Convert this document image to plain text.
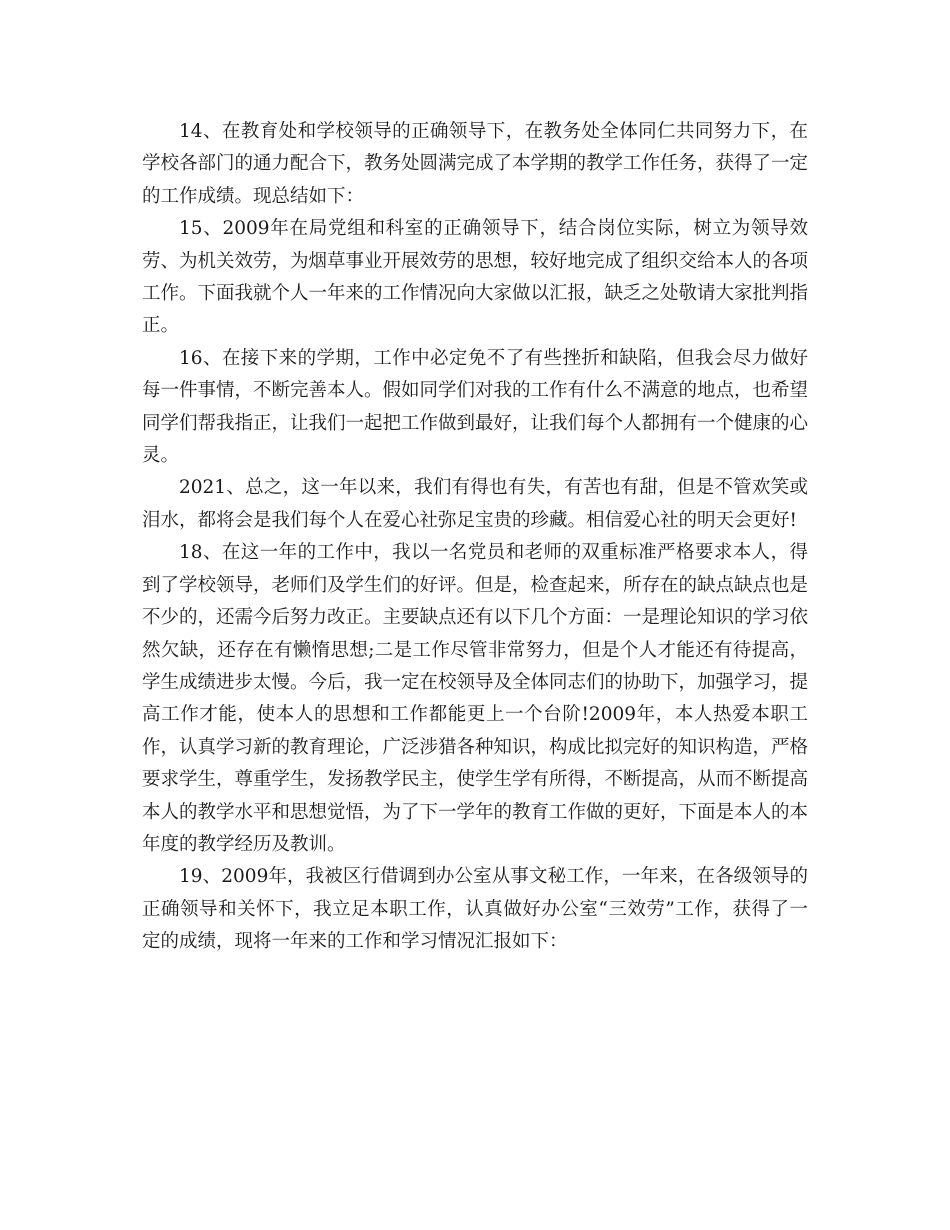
14、在教育处和学校领导的正确领导下，在教务处全体同仁共同努力下，在学校各部门的通力配合下，教务处圆满完成了本学期的教学工作任务，获得了一定的工作成绩。现总结如下：

15、2009年在局党组和科室的正确领导下，结合岗位实际，树立为领导效劳、为机关效劳，为烟草事业开展效劳的思想，较好地完成了组织交给本人的各项工作。下面我就个人一年来的工作情况向大家做以汇报，缺乏之处敬请大家批判指正。

16、在接下来的学期，工作中必定免不了有些挫折和缺陷，但我会尽力做好每一件事情，不断完善本人。假如同学们对我的工作有什么不满意的地点，也希望同学们帮我指正，让我们一起把工作做到最好，让我们每个人都拥有一个健康的心灵。

2021、总之，这一年以来，我们有得也有失，有苦也有甜，但是不管欢笑或泪水，都将会是我们每个人在爱心社弥足宝贵的珍藏。相信爱心社的明天会更好!

18、在这一年的工作中，我以一名党员和老师的双重标准严格要求本人，得到了学校领导，老师们及学生们的好评。但是，检查起来，所存在的缺点缺点也是不少的，还需今后努力改正。主要缺点还有以下几个方面：一是理论知识的学习依然欠缺，还存在有懒惰思想;二是工作尽管非常努力，但是个人才能还有待提高，学生成绩进步太慢。今后，我一定在校领导及全体同志们的协助下，加强学习，提高工作才能，使本人的思想和工作都能更上一个台阶!2009年，本人热爱本职工作，认真学习新的教育理论，广泛涉猎各种知识，构成比拟完好的知识构造，严格要求学生，尊重学生，发扬教学民主，使学生学有所得，不断提高，从而不断提高本人的教学水平和思想觉悟，为了下一学年的教育工作做的更好，下面是本人的本年度的教学经历及教训。

19、2009年，我被区行借调到办公室从事文秘工作，一年来，在各级领导的正确领导和关怀下，我立足本职工作，认真做好办公室“三效劳”工作，获得了一定的成绩，现将一年来的工作和学习情况汇报如下：
